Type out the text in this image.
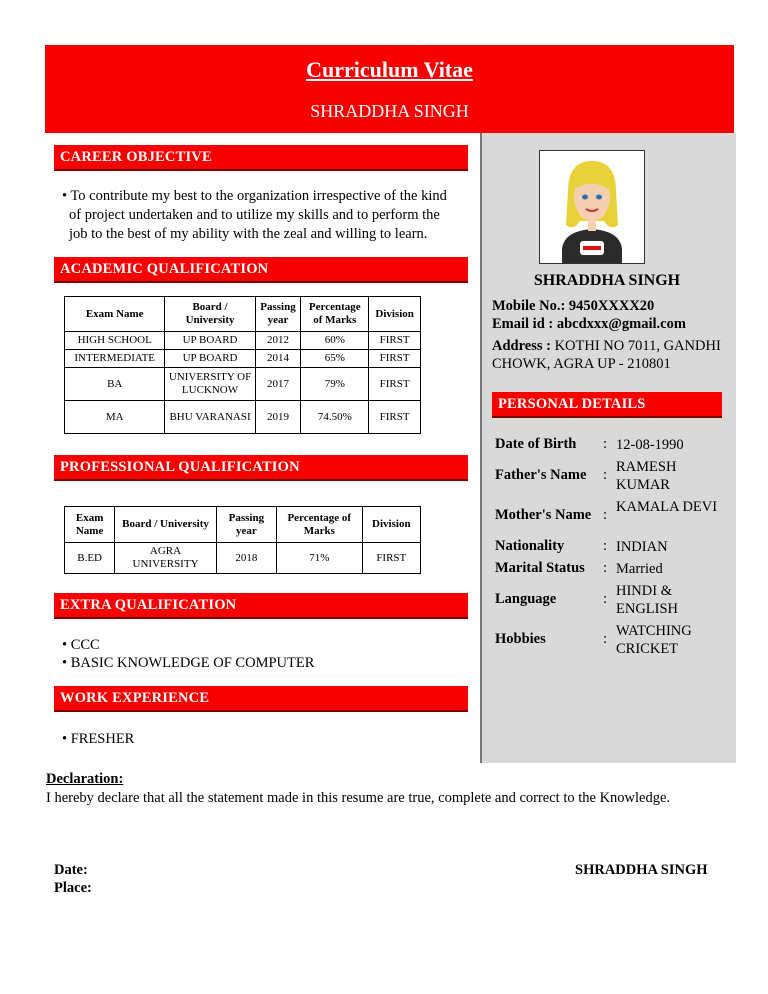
Curriculum Vitae
SHRADDHA SINGH
CAREER OBJECTIVE
• To contribute my best to the organization irrespective of the kind
of project undertaken and to utilize my skills and to perform the
job to the best of my ability with the zeal and willing to learn.
ACADEMIC QUALIFICATION
Exam Name	Board / University	Passing year	Percentage of Marks	Division
HIGH SCHOOL	UP BOARD	2012	60%	FIRST
INTERMEDIATE	UP BOARD	2014	65%	FIRST
BA	UNIVERSITY OF LUCKNOW	2017	79%	FIRST
MA	BHU VARANASI	2019	74.50%	FIRST
PROFESSIONAL QUALIFICATION
Exam Name	Board / University	Passing year	Percentage of Marks	Division
B.ED	AGRA UNIVERSITY	2018	71%	FIRST
EXTRA QUALIFICATION
• CCC
• BASIC KNOWLEDGE OF COMPUTER
WORK EXPERIENCE
• FRESHER
SHRADDHA SINGH
Mobile No.: 9450XXXX20
Email id : abcdxxx@gmail.com
Address : KOTHI NO 7011, GANDHI CHOWK, AGRA UP - 210801
PERSONAL DETAILS
Date of Birth : 12-08-1990
Father's Name : RAMESH KUMAR
Mother's Name : KAMALA DEVI
Nationality	: INDIAN
Marital Status : Married
Language	: HINDI & ENGLISH
Hobbies	: WATCHING CRICKET
Declaration:
I hereby declare that all the statement made in this resume are true, complete and correct to the Knowledge.
Date:
Place:
SHRADDHA SINGH
